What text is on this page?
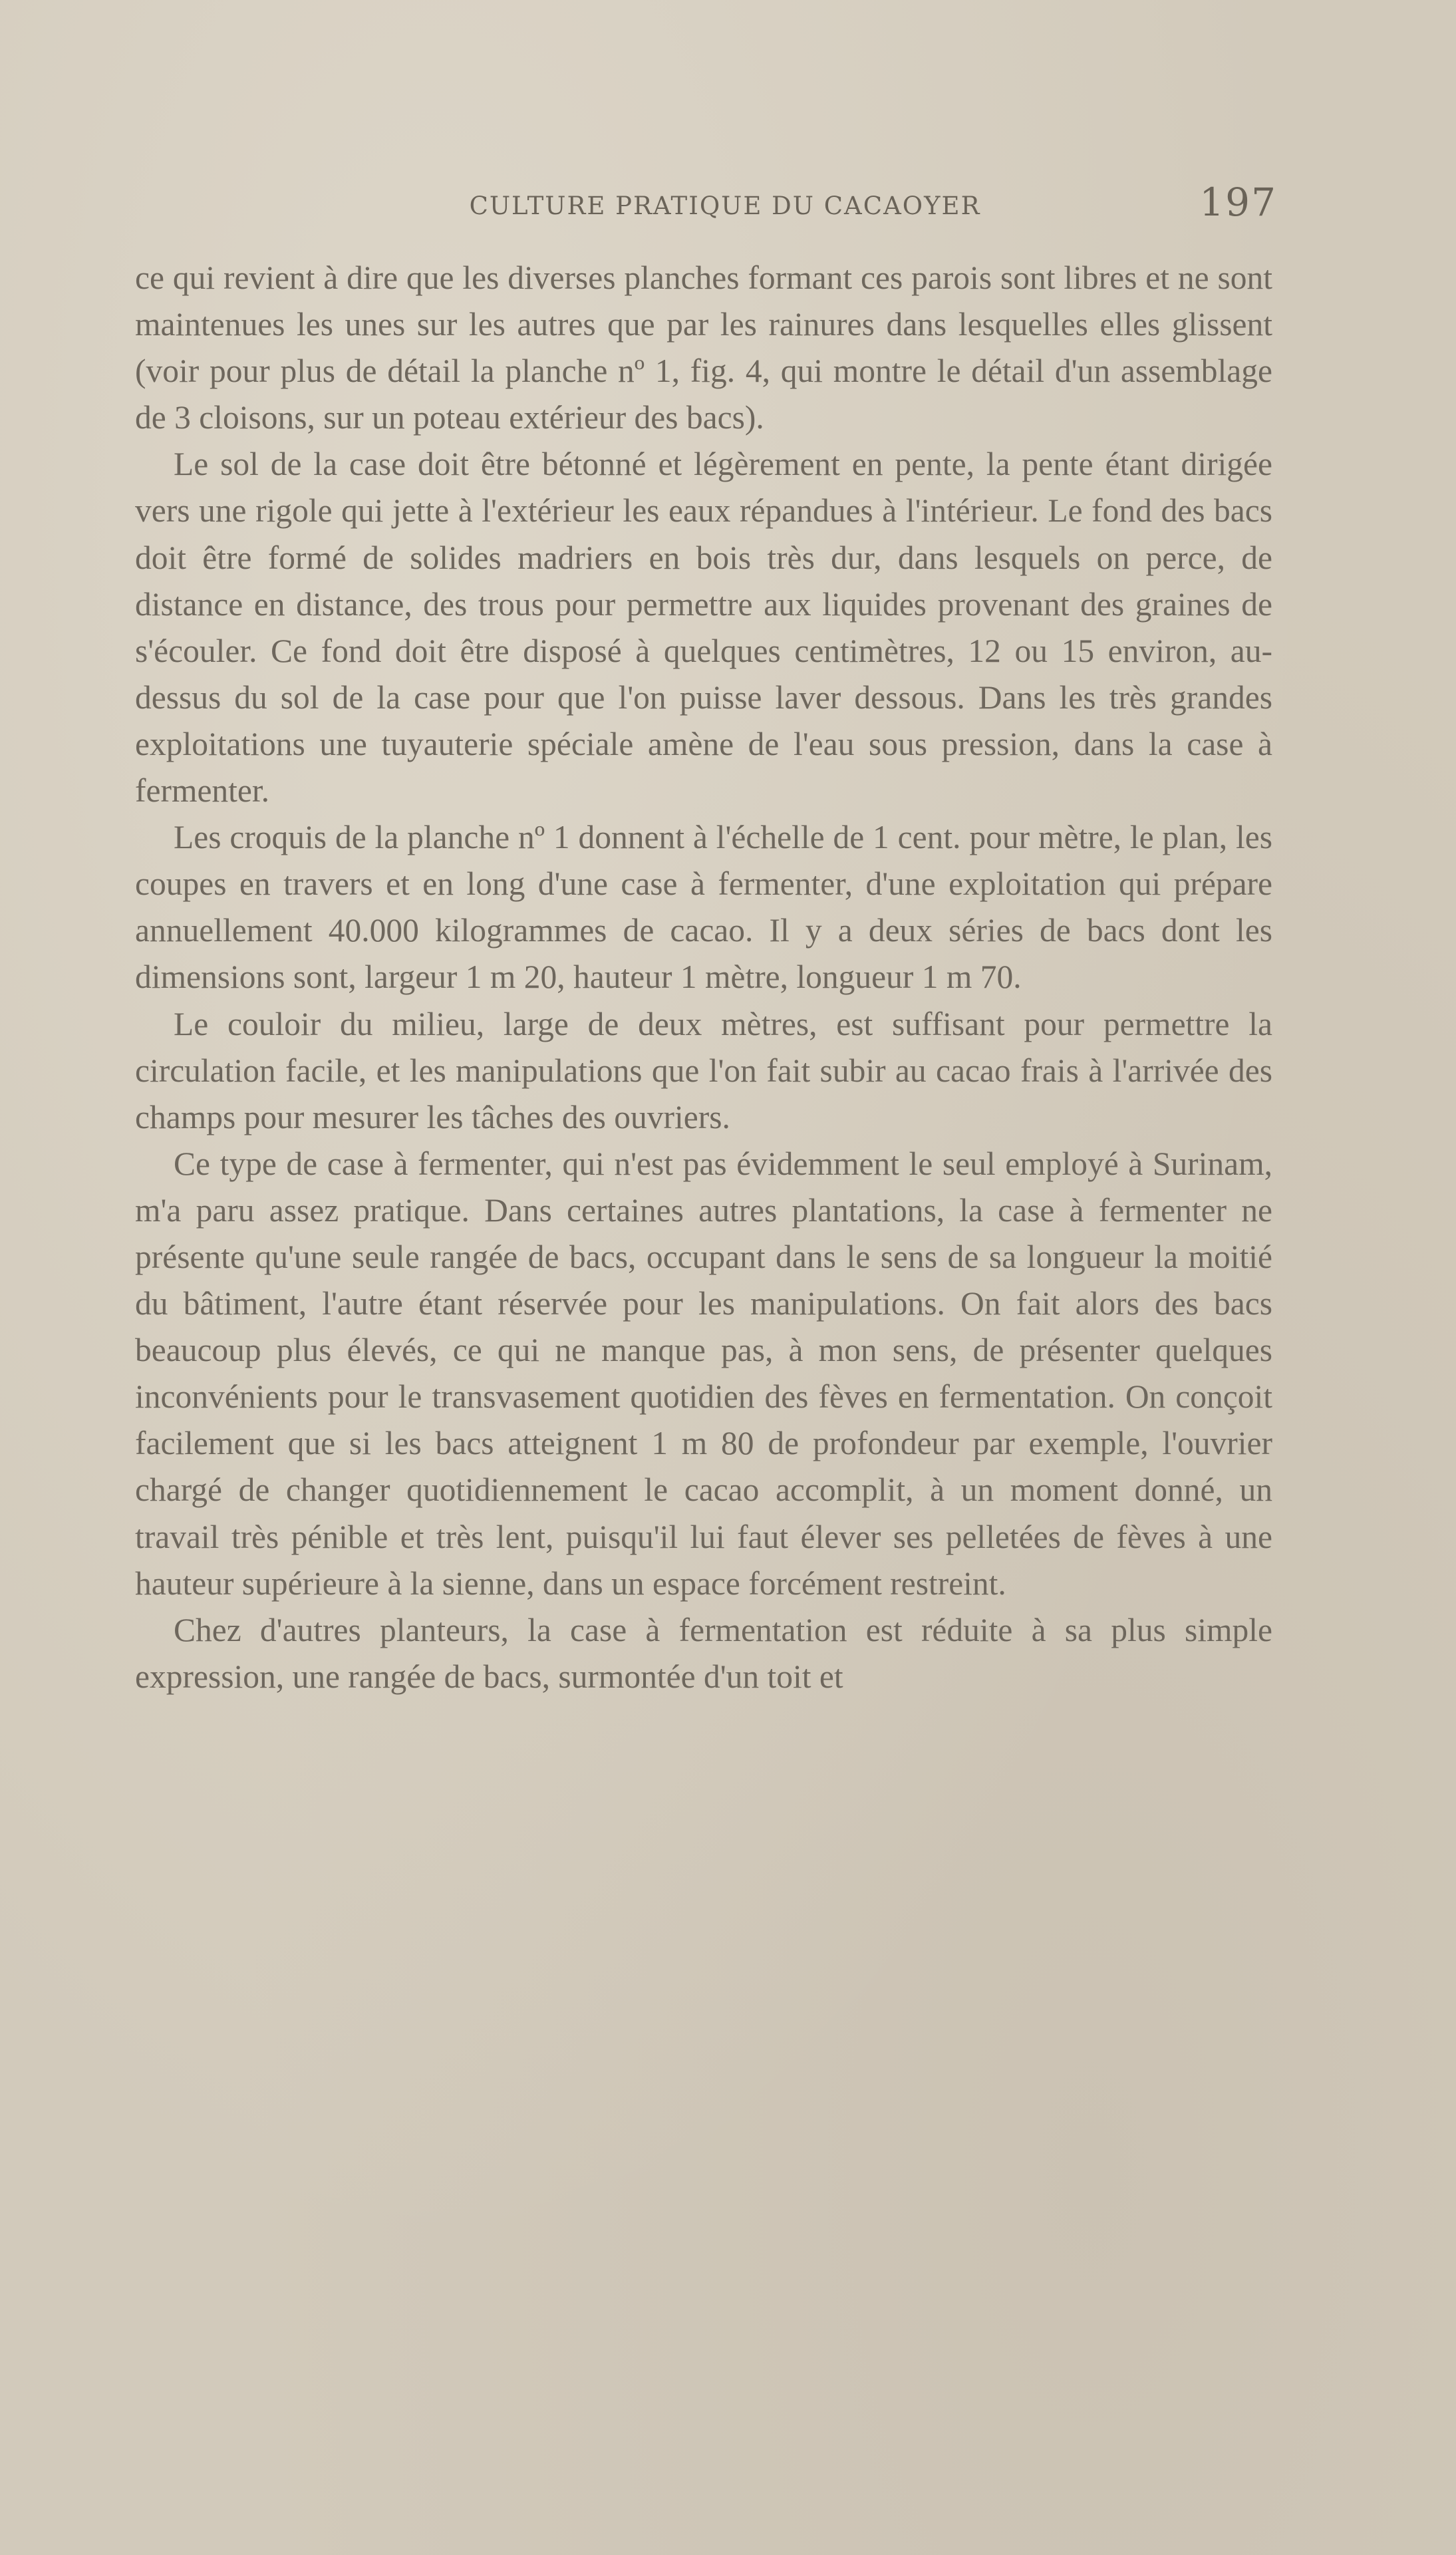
CULTURE PRATIQUE DU CACAOYER	197

ce qui revient à dire que les diverses planches formant ces parois sont libres et ne sont maintenues les unes sur les autres que par les rainures dans lesquelles elles glissent (voir pour plus de détail la planche nº 1, fig. 4, qui montre le détail d'un assemblage de 3 cloisons, sur un poteau extérieur des bacs).

Le sol de la case doit être bétonné et légèrement en pente, la pente étant dirigée vers une rigole qui jette à l'extérieur les eaux répandues à l'intérieur. Le fond des bacs doit être formé de solides madriers en bois très dur, dans lesquels on perce, de distance en distance, des trous pour permettre aux liquides provenant des graines de s'écouler. Ce fond doit être disposé à quelques centimètres, 12 ou 15 environ, au-dessus du sol de la case pour que l'on puisse laver dessous. Dans les très grandes exploitations une tuyauterie spéciale amène de l'eau sous pression, dans la case à fermenter.

Les croquis de la planche nº 1 donnent à l'échelle de 1 cent. pour mètre, le plan, les coupes en travers et en long d'une case à fermenter, d'une exploitation qui prépare annuellement 40.000 kilogrammes de cacao. Il y a deux séries de bacs dont les dimensions sont, largeur 1 m 20, hauteur 1 mètre, longueur 1 m 70.

Le couloir du milieu, large de deux mètres, est suffisant pour permettre la circulation facile, et les manipulations que l'on fait subir au cacao frais à l'arrivée des champs pour mesurer les tâches des ouvriers.

Ce type de case à fermenter, qui n'est pas évidemment le seul employé à Surinam, m'a paru assez pratique. Dans certaines autres plantations, la case à fermenter ne présente qu'une seule rangée de bacs, occupant dans le sens de sa longueur la moitié du bâtiment, l'autre étant réservée pour les manipulations. On fait alors des bacs beaucoup plus élevés, ce qui ne manque pas, à mon sens, de présenter quelques inconvénients pour le transvasement quotidien des fèves en fermentation. On conçoit facilement que si les bacs atteignent 1 m 80 de profondeur par exemple, l'ouvrier chargé de changer quotidiennement le cacao accomplit, à un moment donné, un travail très pénible et très lent, puisqu'il lui faut élever ses pelletées de fèves à une hauteur supérieure à la sienne, dans un espace forcément restreint.

Chez d'autres planteurs, la case à fermentation est réduite à sa plus simple expression, une rangée de bacs, surmontée d'un toit et
